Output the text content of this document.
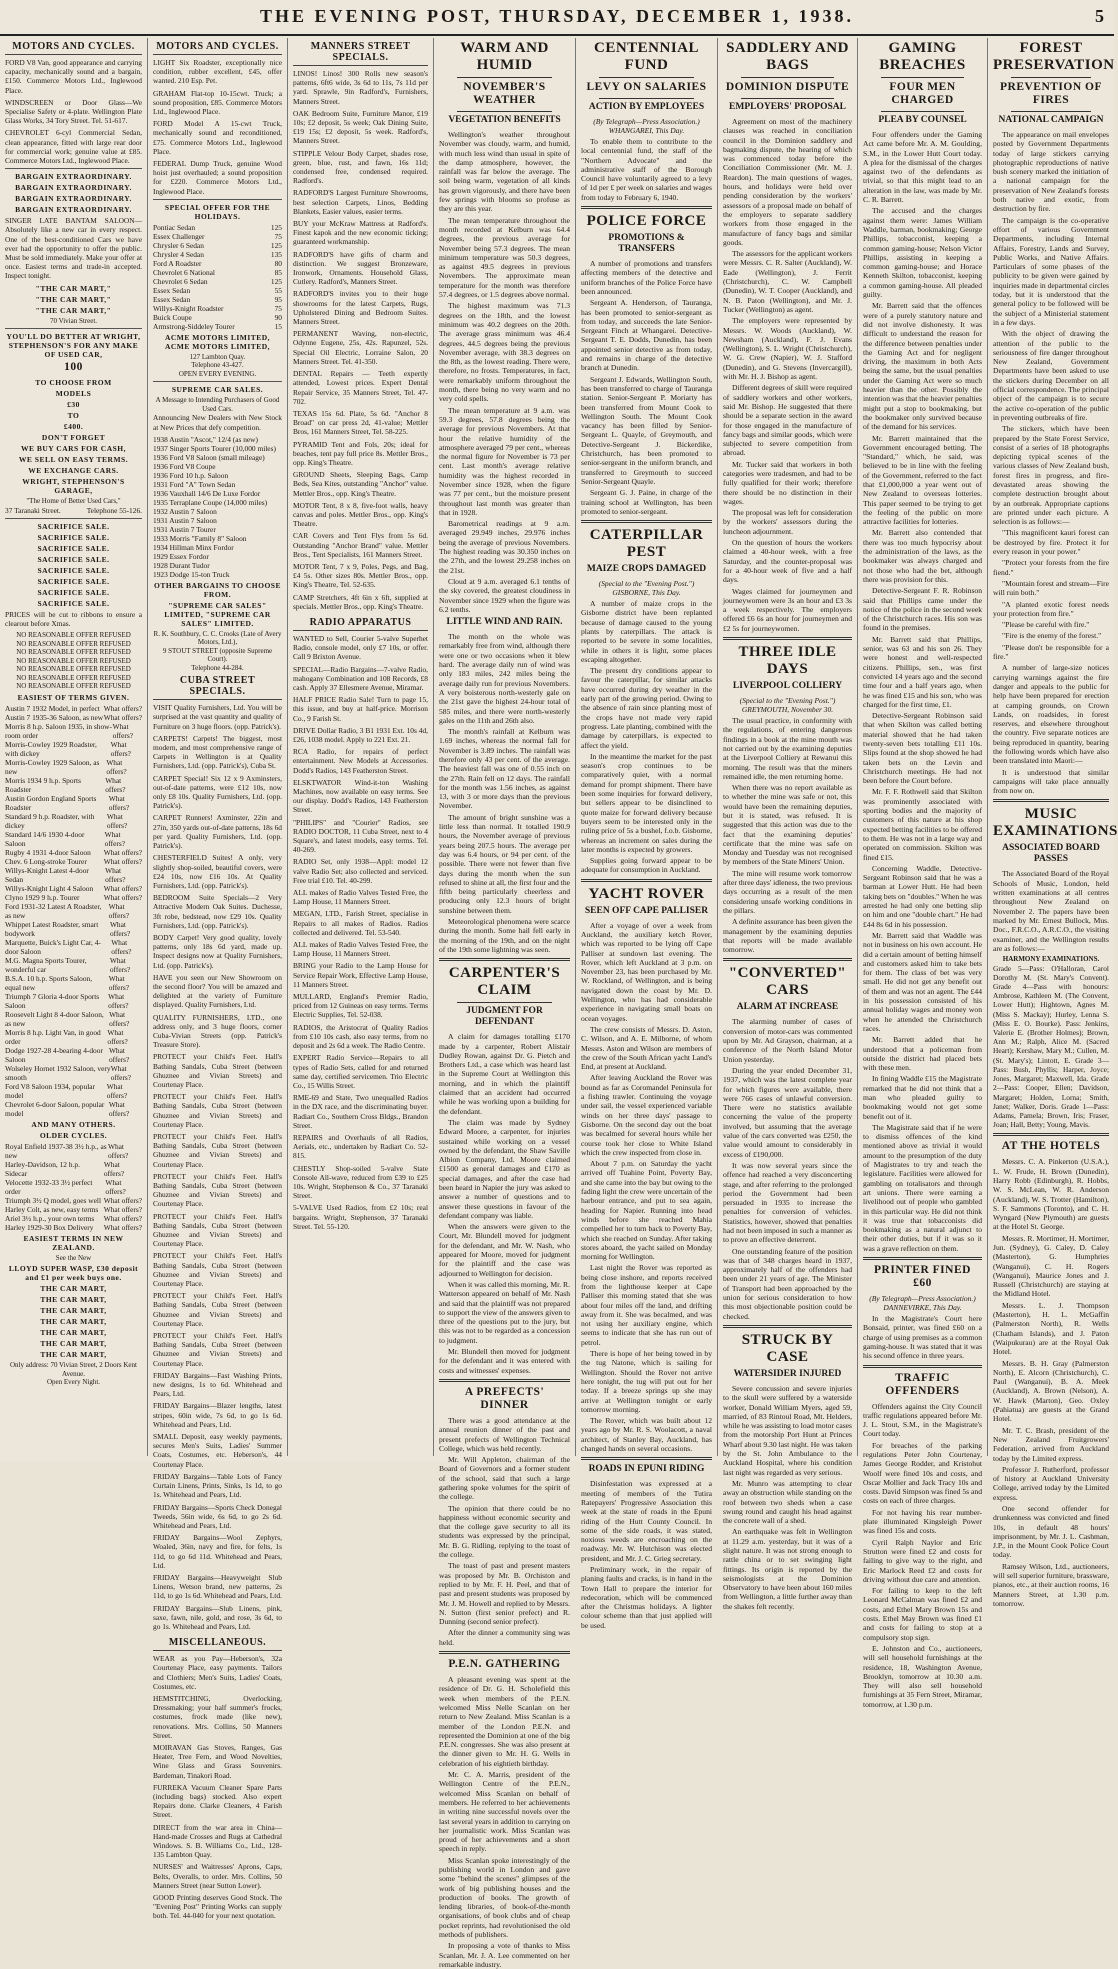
THE EVENING POST, THURSDAY, DECEMBER 1, 1938.	5
MOTORS AND CYCLES.

FORD V8 Van, good appearance and carrying capacity, mechanically sound and a bargain, £150. Commerce Motors Ltd., Inglewood Place.

WINDSCREEN or Door Glass—We Specialise Safety or 4-plate. Wellington Plate Glass Works, 34 Tory Street. Tel. 51-617.

CHEVROLET 6-cyl Commercial Sedan, clean appearance, fitted with large rear door for commercial work; genuine value at £85. Commerce Motors Ltd., Inglewood Place.

BARGAIN EXTRAORDINARY.
BARGAIN EXTRAORDINARY.
BARGAIN EXTRAORDINARY.
BARGAIN EXTRAORDINARY.

SINGER LATE BANTAM SALOON—Absolutely like a new car in every respect. One of the best-conditioned Cars we have ever had the opportunity to offer the public. Must be sold immediately. Make your offer at once. Easiest terms and trade-in accepted. Inspect tonight.

"THE CAR MART,"
"THE CAR MART,"
"THE CAR MART,"
70 Vivian Street.
YOU'LL DO BETTER AT WRIGHT, STEPHENSON'S FOR ANY MAKE OF USED CAR,
100
TO CHOOSE FROM
MODELS
£30
TO
£400.
DON'T FORGET
WE BUY CARS FOR CASH,
WE SELL ON EASY TERMS.
WE EXCHANGE CARS.
WRIGHT, STEPHENSON'S GARAGE,
"The Home of Better Used Cars,"
37 Taranaki Street.	Telephone 55-126.
SACRIFICE SALE.
SACRIFICE SALE.
SACRIFICE SALE.
SACRIFICE SALE.
SACRIFICE SALE.
SACRIFICE SALE.
SACRIFICE SALE.
SACRIFICE SALE.

PRICES will be cut to ribbons to ensure a clearout before Xmas.

NO REASONABLE OFFER REFUSED
NO REASONABLE OFFER REFUSED
NO REASONABLE OFFER REFUSED
NO REASONABLE OFFER REFUSED
NO REASONABLE OFFER REFUSED
NO REASONABLE OFFER REFUSED
NO REASONABLE OFFER REFUSED
EASIEST OF TERMS GIVEN.
Austin 7 1932 Model, in perfect What offers?
Austin 7 1935-36 Saloon, as new What offers?
Morris 8 h.p. Saloon 1935, in show-room order
What offers?
Morris-Cowley 1929 Roadster, with dickey
What offers?
Morris-Cowley 1929 Saloon, as new
What offers?
Morris 1934 9 h.p. Sports Roadster
What offers?
Austin Gordon England Sports Roadster
What offers?
Standard 9 h.p. Roadster, with dickey
What offers?
Standard 14/6 1930 4-door Saloon
What offers?
Rugby 4 1931 4-door Saloon What offers?
Chev. 6 Long-stroke Tourer What offers?
Willys-Knight Latest 4-door Sedan
What offers?
Willys-Knight Light 4 Saloon What offers?
Clyno 1929 9 h.p. Tourer	What offers?
Ford 1931-32 Latest A Roadster, as new
What offers?
Whippet Latest Roadster, smart bodywork
What offers?
Marquette, Buick's Light Car, 4-door Saloon
What offers?
M.G. Magna Sports Tourer, wonderful car
What offers?
B.S.A. 10 h.p. Sports Saloon, equal new
What offers?
Triumph 7 Gloria 4-door Sports Saloon
What offers?
Roosevelt Light 8 4-door Saloon, as new
What offers?
Morris 8 h.p. Light Van, in good order
What offers?
Dodge 1927-28 4-bearing 4-door Saloon
What offers?
Wolseley Hornet 1932 Saloon, very smooth
What offers?
Ford V8 Saloon 1934, popular model
What offers?
Chevrolet 6-door Saloon, popular model
What offers?
AND MANY OTHERS.
OLDER CYCLES.
Royal Enfield 1937-38 3½ h.p., as new
What offers?
Harley-Davidson, 12 h.p. Sidecar
What offers?
Velocette 1932-33 3½ perfect order
What offers?
Triumph 3½ Q model, goes well What offers?
Harley Colt, as new, easy terms What offers?
Ariel 3½ h.p., your own terms What offers?
Harley 1929-30 Box Delivery What offers?
EASIEST TERMS IN NEW ZEALAND.
See the New
LLOYD SUPER WASP, £30 deposit and £1 per week buys one.
THE CAR MART,
THE CAR MART,
THE CAR MART,
THE CAR MART,
THE CAR MART,
THE CAR MART,
THE CAR MART,
Only address: 70 Vivian Street, 2 Doors Kent Avenue.
Open Every Night.
MOTORS AND CYCLES.

LIGHT Six Roadster, exceptionally nice condition, rubber excellent, £45, offer wanted. 210 Esp. Pet.

GRAHAM Flat-top 10-15cwt. Truck; a sound proposition, £85. Commerce Motors Ltd., Inglewood Place.

FORD Model A 15-cwt Truck, mechanically sound and reconditioned, £75. Commerce Motors Ltd., Inglewood Place.

FEDERAL Dump Truck, genuine Wood hoist just overhauled; a sound proposition for £220. Commerce Motors Ltd., Inglewood Place.

SPECIAL OFFER FOR THE HOLIDAYS.
Pontiac Sedan	125
Essex Challenger	75
Chrysler 6 Sedan	125
Chrysler 4 Sedan	135
Ford A Roadster	80
Chevrolet 6 National	85
Chevrolet 6 Sedan	125
Essex Sedan	55
Essex Sedan	95
Willys-Knight Roadster	75
Buick Coupe	90
Armstrong-Siddeley Tourer	15
ACME MOTORS LIMITED, ACME MOTORS LIMITED,
127 Lambton Quay.
Telephone 43-427.
OPEN EVERY EVENING.
SUPREME CAR SALES.
A Message to Intending Purchasers of Good Used Cars.

Announcing New Dealers with New Stock at New Prices that defy competition.

1938 Austin "Ascot," 12/4 (as new)
1937 Singer Sports Tourer (10,000 miles)
1936 Ford V8 Saloon (small mileage)
1936 Ford V8 Coupe
1936 Ford 10 h.p. Saloon
1931 Ford "A" Town Sedan
1936 Vauxhall 14/6 De Luxe Fordor
1935 Terraplane Coupe (14,000 miles)
1932 Austin 7 Saloon
1931 Austin 7 Saloon
1931 Austin 7 Tourer
1933 Morris "Family 8" Saloon
1934 Hillman Minx Fordor
1929 Essex Fordor
1928 Durant Tudor
1923 Dodge 15-ton Truck
OTHER BARGAINS TO CHOOSE FROM.
"SUPREME CAR SALES" LIMITED, "SUPREME CAR SALES" LIMITED.
R. K. Southbury, C. C. Crooks (Late of Avery Motors, Ltd.),
9 STOUT STREET (opposite Supreme Court).
Telephone 44-284.
CUBA STREET SPECIALS.

VISIT Quality Furnishers, Ltd. You will be surprised at the vast quantity and quality of Furniture on 3 huge floors. (opp. Patrick's).

CARPETS! Carpets! The biggest, most modern, and most comprehensive range of Carpets in Wellington is at Quality Furnishers, Ltd. (opp. Patrick's), Cuba St.

CARPET Special! Six 12 x 9 Axminsters, out-of-date patterns, were £12 10s, now only £8 10s. Quality Furnishers, Ltd. (opp. Patrick's).

CARPET Runners! Axminster, 22in and 27in, 350 yards out-of-date patterns, 18s 6d per yard. Quality Furnishers, Ltd. (opp. Patrick's).

CHESTERFIELD Suites! A only, very slightly shop-soiled, beautiful covers, were £24 10s, now £16 10s. At Quality Furnishers, Ltd. (opp. Patrick's).

BEDROOM Suite Specials—2 Very Attractive Modern Oak Suites. Duchesse, 3ft robe, bedstead, now £29 10s. Quality Furnishers, Ltd. (opp. Patrick's).

BODY Carpet! Very good quality, lovely patterns, only 18s 6d yard, made up. Inspect designs now at Quality Furnishers, Ltd. (opp. Patrick's).

HAVE you seen our New Showroom on the second floor? You will be amazed and delighted at the variety of Furniture displayed. Quality Furnishers, Ltd.

QUALITY FURNISHERS, LTD., one address only, and 3 huge floors, corner Cuba-Vivian Streets (opp. Patrick's Treasure Store).

PROTECT your Child's Feet. Hall's Bathing Sandals, Cuba Street (between Ghuznee and Vivian Streets) and Courtenay Place.

PROTECT your Child's Feet. Hall's Bathing Sandals, Cuba Street (between Ghuznee and Vivian Streets) and Courtenay Place.

PROTECT your Child's Feet. Hall's Bathing Sandals, Cuba Street (between Ghuznee and Vivian Streets) and Courtenay Place.

PROTECT your Child's Feet. Hall's Bathing Sandals, Cuba Street (between Ghuznee and Vivian Streets) and Courtenay Place.

PROTECT your Child's Feet. Hall's Bathing Sandals, Cuba Street (between Ghuznee and Vivian Streets) and Courtenay Place.

PROTECT your Child's Feet. Hall's Bathing Sandals, Cuba Street (between Ghuznee and Vivian Streets) and Courtenay Place.

PROTECT your Child's Feet. Hall's Bathing Sandals, Cuba Street (between Ghuznee and Vivian Streets) and Courtenay Place.

PROTECT your Child's Feet. Hall's Bathing Sandals, Cuba Street (between Ghuznee and Vivian Streets) and Courtenay Place.

FRIDAY Bargains—Fast Washing Prints, new designs, 1s to 6d. Whitehead and Pears, Ltd.

FRIDAY Bargains—Blazer lengths, latest stripes, 60in wide, 7s 6d, to go 1s 6d. Whitehead and Pears, Ltd.

SMALL Deposit, easy weekly payments, secures Men's Suits, Ladies' Summer Coats, Costumes, etc. Heberson's, 44 Courtenay Place.

FRIDAY Bargains—Table Lots of Fancy Curtain Linens, Prints, Sinks, 1s 1d, to go 1s. Whitehead and Pears, Ltd.

FRIDAY Bargains—Sports Check Donegal Tweeds, 56in wide, 6s 6d, to go 2s 6d. Whitehead and Pears, Ltd.

FRIDAY Bargains—Wool Zephyrs, Woaled, 36in, navy and fire, for felts, 1s 11d, to go 6d 11d. Whitehead and Pears, Ltd.

FRIDAY Bargains—Heavyweight Slub Linens, Wetson brand, new patterns, 2s 11d, to go 1s 6d. Whitehead and Pears, Ltd.

FRIDAY Bargains—Slub Linens, pink, saxe, fawn, nile, gold, and rose, 3s 6d, to go 1s. Whitehead and Pears, Ltd.

MISCELLANEOUS.

WEAR as you Pay—Heberson's, 32a Courtenay Place, easy payments. Tailors and Clothiers; Men's Suits, Ladies' Coats, Costumes, etc.

HEMSTITCHING, Overlocking, Dressmaking; your half summer's frocks, costumes, frock made (like new), renovations. Mrs. Collins, 50 Manners Street.

MOIRAVAN Gas Stoves, Ranges, Gas Heater, Tree Fern, and Wood Novelties, Wine Glass and Grass Souvenirs. Bardeman, Tinakori Road.

FURREKA Vacuum Cleaner Spare Parts (including bags) stocked. Also expert Repairs done. Clarke Cleaners, 4 Farish Street.

DIRECT from the war area in China—Hand-made Crosses and Rugs at Cathedral Windows. S. B. Williams Co., Ltd., 128-135 Lambton Quay.

NURSES' and Waitresses' Aprons, Caps, Belts, Overalls, to order. Mrs. Collins, 50 Manners Street (near Sutton Lower).

GOOD Printing deserves Good Stock. The "Evening Post" Printing Works can supply both. Tel. 44-040 for your next quotation.

MANNERS STREET SPECIALS.

LINOS! Linos! 300 Rolls new season's patterns, 6ft6 wide, 3s 6d to 11s, 7s 11d per yard. Sprawle, 9in Radford's, Furnishers, Manners Street.

OAK Bedroom Suite, Furniture Manor, £19 10s; £2 deposit, 5s week; Oak Dining Suite, £19 15s; £2 deposit, 5s week. Radford's, Manners Street.

STIPPLE Velour Body Carpet, shades rose, green, blue, rust, and fawn, 16s 11d; condensed free, condensed required. Radford's.

RADFORD'S Largest Furniture Showrooms, best selection Carpets, Linos, Bedding Blankets, Easier values, easier terms.

BUY your McKraw Mattress at Radford's. Finest kapok and the new economic ticking; guaranteed workmanship.

RADFORD'S have gifts of charm and distinction. We suggest Bronzeware, Ironwork, Ornaments. Household Glass, Cutlery. Radford's, Manners Street.

RADFORD'S invites you to their huge showrooms for the latest Carpets, Rugs, Upholstered Dining and Bedroom Suites. Manners Street.

PERMANENT Waving, non-electric, Odynne Eugene, 25s, 42s. Rapunzel, 52s. Special Oil Electric, Lorraine Salon, 20 Manners Street. Tel. 41-350.

DENTAL Repairs — Teeth expertly attended, Lowest prices. Expert Dental Repair Service, 35 Manners Street, Tel. 47-702.

TEXAS 15s 6d. Plate, 5s 6d. "Anchor 8 Broad" on car press 2d, 41-value; Mettler Bros, 161 Manners Street, Tel. 58-225.

PYRAMID Tent and Fols, 20s; ideal for beaches, tent pay full price 8s. Mettler Bros., opp. King's Theatre.

GROUND Sheets, Sleeping Bags, Camp Beds, Sea Kites, outstanding "Anchor" value. Mettler Bros., opp. King's Theatre.

MOTOR Tent, 8 x 8, five-foot walls, heavy canvas and poles. Mettler Bros., opp. King's Theatre.

CAR Covers and Tent Flys from 5s 6d. Outstanding "Anchor Brand" value. Mettler Bros., Tent Specialists, 161 Manners Street.

MOTOR Tent, 7 x 9, Poles, Pegs, and Bag, £4 5s. Other sizes 80s. Mettler Bros., opp. King's Theatre, Tel. 52-635.

CAMP Stretchers, 4ft 6in x 6ft, supplied at specials. Mettler Bros., opp. King's Theatre.

RADIO APPARATUS

WANTED to Sell, Courier 5-valve Superhet Radio, console model, only £7 10s, or offer. Call 9 Brixton Avenue.

SPECIAL—Radio Bargains—7-valve Radio, mahogany Combination and 108 Records, £8 cash. Apply 37 Ellesmere Avenue, Miramar.

HALF PRICE Radio Sale! Turn to page 15, this issue, and buy at half-price. Morrison Co., 9 Farish St.

DRIVE Dollar Radio, 3 B1 1931 Ext. 10s 4d, £26, 1038 model. Apply to 221 Ext. 21.

RCA Radio, for repairs of perfect entertainment. New Models at Accessories. Dodd's Radios, 143 Featherston Street.

ELSKTWATOR Wind-it-ton Washing Machines, now available on easy terms. See our display. Dodd's Radios, 143 Featherston Street.

"PHILIPS" and "Courier" Radios, see RADIO DOCTOR, 11 Cuba Street, next to 4 Square's, and latest models, easy terms. Tel. 40-269.

RADIO Set, only 1938—Appl: model 12 valve Radio Set; also collected and serviced. Free trial £10. Tel. 40-299.

ALL makes of Radio Valves Tested Free, the Lamp House, 11 Manners Street.

MEGAN, LTD., Farish Street, specialise in Repairs to all makes of Radios. Radios collected and delivered. Tel. 53-540.

ALL makes of Radio Valves Tested Free, the Lamp House, 11 Manners Street.

BRING your Radio to the Lamp House for Service Repair Work, Effective Lamp House, 11 Manners Street.

MULLARD, England's Premier Radio, priced from 12 Guineas on easy terms. Terms Electric Supplies, Tel. 52-038.

RADIOS, the Aristocrat of Quality Radios from £10 10s cash, also easy terms, from no deposit and 2s 6d a week. The Radio Centre.

EXPERT Radio Service—Repairs to all types of Radio Sets, called for and returned same day, certified servicemen. Trio Electric Co., 15 Willis Street.

RME-69 and State, Two unequalled Radios in the DX race, and the discriminating buyer. Radiart Co., Southern Cross Bldgs., Brandon Street.

REPAIRS and Overhauls of all Radios, Aerials, etc., undertaken by Radiart Co. 52-815.

CHESTLY Shop-soiled 5-valve State Console All-wave, reduced from £39 to £25 10s. Wright, Stephenson & Co., 37 Taranaki Street.

5-VALVE Used Radios, from £2 10s; real bargains. Wright, Stephenson, 37 Taranaki Street. Tel. 55-120.

WARM AND HUMID
NOVEMBER'S WEATHER
VEGETATION BENEFITS

Wellington's weather throughout November was cloudy, warm, and humid, with much less wind than usual in spite of the damp atmosphere, however, the rainfall was far below the average. The soil being warm, vegetation of all kinds has grown vigorously, and there have been few springs with blooms so profuse as they are this year.

The mean temperature throughout the month recorded at Kelburn was 64.4 degrees, the previous average for November being 57.3 degrees. The mean minimum temperature was 50.3 degrees, as against 49.5 degrees in previous Novembers. The approximate mean temperature for the month was therefore 57.4 degrees, or 1.5 degrees above normal.

The highest maximum was 71.3 degrees on the 18th, and the lowest minimum was 40.2 degrees on the 20th. The average grass minimum was 46.4 degrees, 44.5 degrees being the previous November average, with 38.3 degrees on the 8th, as the lowest reading. There were, therefore, no frosts. Temperatures, in fact, were remarkably uniform throughout the month, there being no very warm and no very cold spells.

The mean temperature at 9 a.m. was 59.3 degrees, 57.8 degrees being the average for previous Novembers. At that hour the relative humidity of the atmosphere averaged 79 per cent., whereas the normal figure for November is 73 per cent. Last month's average relative humidity was the highest recorded in November since 1928, when the figure was 77 per cent., but the moisture present throughout last month was greater than that in 1928.

Barometrical readings at 9 a.m. averaged 29.949 inches, 29.976 inches being the average of previous Novembers. The highest reading was 30.350 inches on the 27th, and the lowest 29.258 inches on the 21st.

Cloud at 9 a.m. averaged 6.1 tenths of the sky covered, the greatest cloudiness in November since 1929 when the figure was 6.2 tenths.

LITTLE WIND AND RAIN.

The month on the whole was remarkably free from wind, although there were one or two occasions when it blew hard. The average daily run of wind was only 183 miles, 242 miles being the average daily run for previous Novembers. A very boisterous north-westerly gale on the 21st gave the highest 24-hour total of 585 miles, and there were north-westerly gales on the 11th and 26th also.

The month's rainfall at Kelburn was 1.69 inches, whereas the normal fall for November is 3.89 inches. The rainfall was therefore only 43 per cent. of the average. The heaviest fall was one of 0.55 inch on the 27th. Rain fell on 12 days. The rainfall for the month was 1.56 inches, as against 13, with 3 or more days than the previous November.

The amount of bright sunshine was a little less than normal. It totalled 190.9 hours, the November average of previous years being 207.5 hours. The average per day was 6.4 hours, or 94 per cent. of the possible. There were not fewer than five days during the month when the sun refused to shine at all, the first four and the fifth being particularly cheerless and producing only 12.3 hours of bright sunshine between them.

Meteorological phenomena were scarce during the month. Some hail fell early in the morning of the 19th, and on the night of the 19th some lightning was seen.

CARPENTER'S CLAIM
JUDGMENT FOR DEFENDANT

A claim for damages totalling £170 made by a carpenter, Robert Alistair Dudley Rowan, against Dr. G. Pietch and Brothers Ltd., a case which was heard last in the Supreme Court at Wellington this morning, and in which the plaintiff claimed that an accident had occurred while he was working upon a building for the defendant.

The claim was made by Sydney Edward Moore, a carpenter, for injuries sustained while working on a vessel owned by the defendant, the Shaw Saville Albion Company, Ltd. Moore claimed £1500 as general damages and £170 as special damages, and after the case had been heard in Napier the jury was asked to answer a number of questions and to answer these questions in favour of the defendant company was liable.

When the answers were given to the Court, Mr. Blundell moved for judgment for the defendant, and Mr. W. Nash, who appeared for Moore, moved for judgment for the plaintiff and the case was adjourned to Wellington for decision.

When it was called this morning, Mr. R. Watterson appeared on behalf of Mr. Nash and said that the plaintiff was not prepared to support the view of the answers given to three of the questions put to the jury, but this was not to be regarded as a concession to judgment.

Mr. Blundell then moved for judgment for the defendant and it was entered with costs and witnesses' expenses.

A PREFECTS' DINNER

There was a good attendance at the annual reunion dinner of the past and present prefects of Wellington Technical College, which was held recently.

Mr. Will Appleton, chairman of the Board of Governors and a former student of the school, said that such a large gathering spoke volumes for the spirit of the college.

The opinion that there could be no happiness without economic security and that the college gave security to all its students was expressed by the principal, Mr. B. G. Ridling, replying to the toast of the college.

The toast of past and present masters was proposed by Mr. B. Orchiston and replied to by Mr. F. H. Peel, and that of past and present students was proposed by Mr. J. M. Howell and replied to by Messrs. N. Sutton (first senior prefect) and R. Dunning (second senior prefect).

After the dinner a community sing was held.

P.E.N. GATHERING

A pleasant evening was spent at the residence of Dr. G. H. Scholefield this week when members of the P.E.N. welcomed Miss Nelle Scanlan on her return to New Zealand. Miss Scanlan is a member of the London P.E.N. and represented the Dominion at one of the big P.E.N. congresses. She was also present at the dinner given to Mr. H. G. Wells in celebration of his eightieth birthday.

Mr. C. A. Marris, president of the Wellington Centre of the P.E.N., welcomed Miss Scanlan on behalf of members. He referred to her achievements in writing nine successful novels over the last several years in addition to carrying on her journalistic work. Miss Scanlan was proud of her achievements and a short speech in reply.

Miss Scanlan spoke interestingly of the publishing world in London and gave some "behind the scenes" glimpses of the work of big publishing houses and the production of books. The growth of lending libraries, of book-of-the-month organisations, of book clubs and of cheap pocket reprints, had revolutionised the old methods of publishers.

In proposing a vote of thanks to Miss Scanlan, Mr. J. A. Lee commented on her remarkable industry.

CENTENNIAL FUND
LEVY ON SALARIES
ACTION BY EMPLOYEES
(By Telegraph—Press Association.) WHANGAREI, This Day.

To enable them to contribute to the local centennial fund, the staff of the "Northern Advocate" and the administrative staff of the Borough Council have voluntarily agreed to a levy of 1d per £ per week on salaries and wages from today to February 6, 1940.

POLICE FORCE
PROMOTIONS & TRANSFERS

A number of promotions and transfers affecting members of the detective and uniform branches of the Police Force have been announced.

Sergeant A. Henderson, of Tauranga, has been promoted to senior-sergeant as from today, and succeeds the late Senior-Sergeant Finch at Whangarei. Detective-Sergeant T. E. Dodds, Dunedin, has been appointed senior detective as from today, and remains in charge of the detective branch at Dunedin.

Sergeant J. Edwards, Wellington South, has been transferred to charge of Tauranga station. Senior-Sergeant P. Moriarty has been transferred from Mount Cook to Wellington South. The Mount Cook vacancy has been filled by Senior-Sergeant L. Quayle, of Greymouth, and Detective-Sergeant J. Bickerdike, Christchurch, has been promoted to senior-sergeant in the uniform branch, and transferred to Greymouth to succeed Senior-Sergeant Quayle.

Sergeant G. J. Paine, in charge of the training school at Wellington, has been promoted to senior-sergeant.

CATERPILLAR PEST
MAIZE CROPS DAMAGED
(Special to the "Evening Post.") GISBORNE, This Day.

A number of maize crops in the Gisborne district have been replanted because of damage caused to the young plants by caterpillars. The attack is reported to be severe in some localities, while in others it is light, some places escaping altogether.

The present dry conditions appear to favour the caterpillar, for similar attacks have occurred during dry weather in the early part of the growing period. Owing to the absence of rain since planting most of the crops have not made very rapid progress. Late planting, combined with the damage by caterpillars, is expected to affect the yield.

In the meantime the market for the past season's crop continues to be comparatively quiet, with a normal demand for prompt shipment. There have been some inquiries for forward delivery, but sellers appear to be disinclined to quote maize for forward delivery because buyers seem to be interested only in the ruling price of 5s a bushel, f.o.b. Gisborne, whereas an increment on sales during the later months is expected by growers.

Supplies going forward appear to be adequate for consumption in Auckland.

YACHT ROVER
SEEN OFF CAPE PALLISER

After a voyage of over a week from Auckland, the auxiliary ketch Rover, which was reported to be lying off Cape Palliser at sundown last evening. The Rover, which left Auckland at 3 p.m. on November 23, has been purchased by Mr. W. Rockland, of Wellington, and is being navigated down the coast by Mr. D. Wellington, who has had considerable experience in navigating small boats on ocean voyages.

The crew consists of Messrs. D. Aston, C. Wilson, and A. E. Milborne, of whom Messrs. Aston and Wilson are members of the crew of the South African yacht Land's End, at present at Auckland.

After leaving Auckland the Rover was bound as far as Coromandel Peninsula for a fishing trawler. Continuing the voyage under sail, the vessel experienced variable winds on her three days' passage to Gisborne. On the second day out the boat was becalmed for several hours while her course took her close to White Island which the crew inspected from close in.

About 7 p.m. on Saturday the yacht arrived off Tuahine Point, Poverty Bay, and she came into the bay but owing to the fading light the crew were uncertain of the harbour entrance, and put to sea again, heading for Napier. Running into head winds before she reached Mahia compelled her to turn back to Poverty Bay, which she reached on Sunday. After taking stores aboard, the yacht sailed on Monday morning for Wellington.

Last night the Rover was reported as being close inshore, and reports received from the lighthouse keeper at Cape Palliser this morning stated that she was about four miles off the land, and drifting away from it. She was becalmed, and was not using her auxiliary engine, which seems to indicate that she has run out of petrol.

There is hope of her being towed in by the tug Natone, which is sailing for Wellington. Should the Rover not arrive here tonight, the tug will put out for her today. If a breeze springs up she may arrive at Wellington tonight or early tomorrow morning.

The Rover, which was built about 12 years ago by Mr. R. S. Woolacott, a naval architect, of Stanley Bay, Auckland, has changed hands on several occasions.

ROADS IN EPUNI RIDING

Disinfestation was expressed at a meeting of members of the Tutira Ratepayers' Progressive Association this week at the state of roads in the Epuni riding of the Hutt County Council. In some of the side roads, it was stated, noxious weeds are encroaching on the roadway. Mr. W. Hutchison was elected president, and Mr. J. C. Grieg secretary.

Preliminary work, in the repair of planing faults and cracks, is in hand in the Town Hall to prepare the interior for redecoration, which will be commenced after the Christmas holidays. A lighter colour scheme than that just applied will be used.

SADDLERY AND BAGS
DOMINION DISPUTE
EMPLOYERS' PROPOSAL

Agreement on most of the machinery clauses was reached in conciliation council in the Dominion saddlery and bagmaking dispute, the hearing of which was commenced today before the Conciliation Commissioner (Mr. M. J. Reardon). The main questions of wages, hours, and holidays were held over pending consideration by the workers' assessors of a proposal made on behalf of the employers to separate saddlery workers from those engaged in the manufacture of fancy bags and similar goods.

The assessors for the applicant workers were Messrs. C. R. Salter (Auckland), W. Eade (Wellington), J. Ferrit (Christchurch), C. W. Campbell (Dunedin), W. T. Cooper (Auckland), and N. B. Paton (Wellington), and Mr. J. Tucker (Wellington) as agent.

The employers were represented by Messrs. W. Woods (Auckland), W. Newsham (Auckland), F. J. Evans (Wellington), S. L. Wright (Christchurch), W. G. Crew (Napier), W. J. Stafford (Dunedin), and G. Stevens (Invercargill), with Mr. H. J. Bishop as agent.

Different degrees of skill were required of saddlery workers and other workers, said Mr. Bishop. He suggested that there should be a separate section in the award for those engaged in the manufacture of fancy bags and similar goods, which were subjected to severe competition from abroad.

Mr. Tucker said that workers in both categories were tradesmen, and had to be fully qualified for their work; therefore there should be no distinction in their wages.

The proposal was left for consideration by the workers' assessors during the luncheon adjournment.

On the question of hours the workers claimed a 40-hour week, with a free Saturday, and the counter-proposal was for a 40-hour week of five and a half days.

Wages claimed for journeymen and journeywomen were 3s an hour and £3 3s a week respectively. The employers offered £6 6s an hour for journeymen and £2 5s for journeywomen.

THREE IDLE DAYS
LIVERPOOL COLLIERY
(Special to the "Evening Post.") GREYMOUTH, November 30.

The usual practice, in conformity with the regulations, of entering dangerous findings in a book at the mine mouth was not carried out by the examining deputies at the Liverpool Colliery at Rewanui this morning. The result was that the miners remained idle, the men returning home.

When there was no report available as to whether the mine was safe or not, this would have been the remaining deputies, but it is stated, was refused. It is suggested that this action was due to the fact that the examining deputies' certificate that the mine was safe on Monday and Tuesday was not recognised by members of the State Miners' Union.

The mine will resume work tomorrow after three days' idleness, the two previous days occurring as a result of the men considering unsafe working conditions in the pillars.

A definite assurance has been given the management by the examining deputies that reports will be made available tomorrow.

"CONVERTED" CARS
ALARM AT INCREASE

The alarming number of cases of conversion of motor-cars was commented upon by Mr. Ad Grayson, chairman, at a conference of the North Island Motor Union yesterday.

During the year ended December 31, 1937, which was the latest complete year for which figures were available, there were 766 cases of unlawful conversion. There were no statistics available concerning the value of the property involved, but assuming that the average value of the cars converted was £250, the value would amount to considerably in excess of £190,000.

It was now several years since the offence had reached a very disconcerting stage, and after referring to the prolonged period the Government had been persuaded in 1935 to increase the penalties for conversion of vehicles. Statistics, however, showed that penalties had not been imposed in such a manner as to prove an effective deterrent.

One outstanding feature of the position was that of 348 charges heard in 1937, approximately half of the offenders had been under 21 years of age. The Minister of Transport had been approached by the union for serious consideration to how this most objectionable position could be checked.

STRUCK BY CASE
WATERSIDER INJURED

Severe concussion and severe injuries to the skull were suffered by a waterside worker, Donald William Myers, aged 59, married, of 83 Rintoul Road, Mt. Helders, while he was assisting to load motor cases from the motorship Port Hunt at Princes Wharf about 9.30 last night. He was taken by the St. John Ambulance to the Auckland Hospital, where his condition last night was regarded as very serious.

Mr. Munro was attempting to clear away an obstruction while standing on the roof between two sheds when a case swung round and caught his head against the concrete wall of a shed.

An earthquake was felt in Wellington at 11.29 a.m. yesterday, but it was of a slight nature. It was not strong enough to rattle china or to set swinging light fittings. Its origin is reported by the seismologists at the Dominion Observatory to have been about 160 miles from Wellington, a little further away than the shakes felt recently.

GAMING BREACHES
FOUR MEN CHARGED
PLEA BY COUNSEL

Four offenders under the Gaming Act came before Mr. A. M. Goulding, S.M., in the Lower Hutt Court today. A plea for the dismissal of the charges against two of the defendants as trivial, so that this might lead to an alteration in the law, was made by Mr. C. R. Barrett.

The accused and the charges against them were: James William Waddle, barman, bookmaking; George Phillips, tobacconist, keeping a common gaming-house; Nelson Victor Phillips, assisting in keeping a common gaming-house; and Horace Kenneth Skilton, tobacconist, keeping a common gaming-house. All pleaded guilty.

Mr. Barrett said that the offences were of a purely statutory nature and did not involve dishonesty. It was difficult to understand the reason for the difference between penalties under the Gaming Act and for negligent driving, the maximum in both Acts being the same, but the usual penalties under the Gaming Act were so much heavier than the other. Possibly the intention was that the heavier penalties might put a stop to bookmaking, but the bookmaker only survived because of the demand for his services.

Mr. Barrett maintained that the Government encouraged betting. The "Standard," which, he said, was believed to be in line with the feeling of the Government, referred to the fact that £1,000,000 a year went out of New Zealand to overseas lotteries. This paper seemed to be trying to get the feeling of the public on more attractive facilities for lotteries.

Mr. Barrett also contended that there was too much hypocrisy about the administration of the laws, as the bookmaker was always charged and not those who had the bet, although there was provision for this.

Detective-Sergeant F. R. Robinson said that Phillips came under the notice of the police in the second week of the Christchurch races. His son was found in the premises.

Mr. Barrett said that Phillips, senior, was 63 and his son 26. They were honest and well-respected citizens. Phillips, sen., was first convicted 14 years ago and the second time four and a half years ago, when he was fined £15 and his son, who was charged for the first time, £1.

Detective-Sergeant Robinson said that when Skilton was called betting material showed that he had taken twenty-seven bets totalling £11 10s. Slips found at the shop showed he had taken bets on the Levin and Christchurch meetings. He had not been before the Court before.

Mr. F. F. Rothwell said that Skilton was prominently associated with sporting bodies and the majority of customers of this nature at his shop expected betting facilities to be offered to them. He was not in a large way and operated on commission. Skilton was fined £15.

Concerning Waddle, Detective-Sergeant Robinson said that he was a barman at Lower Hutt. He had been taking bets on "doubles." When he was arrested he had only one betting slip on him and one "double chart." He had £44 8s 6d in his possession.

Mr. Barrett said that Waddle was not in business on his own account. He did a certain amount of betting himself and customers asked him to take bets for them. The class of bet was very small. He did not get any benefit out of them and was not an agent. The £44 in his possession consisted of his annual holiday wages and money won when he attended the Christchurch races.

Mr. Barrett added that he understood that a policeman from outside the district had placed bets with these men.

In fining Waddle £15 the Magistrate remarked that he did not think that a man who pleaded guilty to bookmaking would not get some benefit out of it.

The Magistrate said that if he were to dismiss offences of the kind mentioned above as trivial it would amount to the presumption of the duty of Magistrates to try and teach the legislature. Facilities were allowed for gambling on totalisators and through art unions. There were earning a livelihood out of people who gambled in this particular way. He did not think it was true that tobacconists did bookmaking as a natural adjunct to their other duties, but if it was so it was a grave reflection on them.

PRINTER FINED £60
(By Telegraph—Press Association.) DANNEVIRKE, This Day.

In the Magistrate's Court here Bonsaid, printer, was fined £60 on a charge of using premises as a common gaming-house. It was stated that it was his second offence in three years.

TRAFFIC OFFENDERS

Offenders against the City Council traffic regulations appeared before Mr. J. L. Stout, S.M., in the Magistrate's Court today.

For breaches of the parking regulations Peter John Courtenay, James George Rodder, and Kristohut Woolf were fined 10s and costs, and Oscar Mollier and Jack Tracy 10s and costs. David Simpson was fined 5s and costs on each of three charges.

For not having his rear number-plate illuminated Kingsleigh Power was fined 15s and costs.

Cyril Ralph Naylor and Eric Strutton were fined £2 and costs for failing to give way to the right, and Eric Marlock Reed £2 and costs for driving without due care and attention.

For failing to keep to the left Leonard McCalman was fined £2 and costs, and Ethel Mary Brown 15s and costs. Ethel May Brown was fined £1 and costs for failing to stop at a compulsory stop sign.

E. Johnston and Co., auctioneers, will sell household furnishings at the residence, 18, Washington Avenue, Brooklyn, tomorrow at 10.30 a.m. They will also sell household furnishings at 35 Fern Street, Miramar, tomorrow, at 1.30 p.m.

FOREST PRESERVATION
PREVENTION OF FIRES
NATIONAL CAMPAIGN

The appearance on mail envelopes posted by Government Departments today of large stickers carrying photographic reproductions of native bush scenery marked the initiation of a national campaign for the preservation of New Zealand's forests both native and exotic, from destruction by fire.

The campaign is the co-operative effort of various Government Departments, including Internal Affairs, Forestry, Lands and Survey, Public Works, and Native Affairs. Particulars of some phases of the publicity to be given were gained by inquiries made in departmental circles today, but it is understood that the general policy to be followed will be the subject of a Ministerial statement in a few days.

With the object of drawing the attention of the public to the seriousness of fire danger throughout New Zealand, Government Departments have been asked to use the stickers during December on all official correspondence. The principal object of the campaign is to secure the active co-operation of the public in preventing outbreaks of fire.

The stickers, which have been prepared by the State Forest Service, consist of a series of 18 photographs depicting typical scenes of the various classes of New Zealand bush, forest fires in progress, and fire-devastated areas showing the complete destruction brought about by an outbreak. Appropriate captions are printed under each picture. A selection is as follows:—

"This magnificent kauri forest can be destroyed by fire. Protect it for every reason in your power."
"Protect your forests from the fire fiend."
"Mountain forest and stream—Fire will ruin both."
"A planted exotic forest needs your protection from fire."
"Please be careful with fire."
"Fire is the enemy of the forest."
"Please don't be responsible for a fire."

A number of large-size notices carrying warnings against the fire danger and appeals to the public for help have been prepared for erection at camping grounds, on Crown Lands, on roadsides, in forest reserves, and elsewhere throughout the country. Five separate notices are being reproduced in quantity, bearing the following words which have also been translated into Maori:—

It is understood that similar campaigns will take place annually from now on.

MUSIC EXAMINATIONS
ASSOCIATED BOARD PASSES

The Associated Board of the Royal Schools of Music, London, held written examinations at all centres throughout New Zealand on November 2. The papers have been marked by Mr. Ernest Bullock, Mus. Doc., F.R.C.O., A.R.C.O., the visiting examiner, and the Wellington results are as follows:—

HARMONY EXAMINATIONS.

Grade 5—Pass: O'Halloran, Carol Dorothy M. (St. Mary's Convent). Grade 4—Pass with honours: Ambrose, Kathleen M. (The Convent, Lower Hutt); Hightown, Agnes M. (Miss S. Mackay); Hurley, Lenna S. (Miss E. O. Bourke). Pass: Jenkins, Valerie E. (Brother Holmes); Brown, Ann M.; Ralph, Alice M. (Sacred Heart); Kershaw, Mary M.; Cullen, M. (St. Mary's); Lintott, E. Grade 3—Pass: Bush, Phyllis; Harper, Joyce; Jones, Margaret; Maxwell, Ida. Grade 2—Pass: Cooper, Ellen; Davidson, Margaret; Holden, Lorna; Smith, Janet; Walker, Doris. Grade 1—Pass: Adams, Pamela; Brown, Iris; Fraser, Joan; Hall, Betty; Young, Mavis.

AT THE HOTELS

Messrs. C. A. Pinkerton (U.S.A.), L. W. Frude, H. Brown (Dunedin), Harry Robb (Edinburgh), R. Hobbs, W. S. McLean, W. R. Anderson (Auckland), W. S. Trotter (Hamilton), S. F. Sammons (Toronto), and C. H. Wyngard (New Plymouth) are guests at the Hotel St. George.

Messrs. R. Mortimer, H. Mortimer, Jun. (Sydney), G. Caley, D. Caley (Masterton), G. Humphries (Wanganui), C. H. Rogers (Wanganui), Maurice Jones and J. Russell (Christchurch) are staying at the Midland Hotel.

Messrs. L. J. Thompson (Masterton), H. L. McGaffin (Palmerston North), R. Wells (Chatham Islands), and J. Paton (Waipukurau) are at the Royal Oak Hotel.

Messrs. B. H. Gray (Palmerston North), E. Alcorn (Christchurch), C. Paul (Wanganui), B. A. Meek (Auckland), A. Brown (Nelson), A. W. Hawk (Marton), Geo. Oxley (Pahiatua) are guests at the Grand Hotel.

Mr. T. C. Brash, president of the New Zealand Fruitgrowers' Federation, arrived from Auckland today by the Limited express.

Professor J. Rutherford, professor of history at Auckland University College, arrived today by the Limited express.

One second offender for drunkenness was convicted and fined 10s, in default 48 hours' imprisonment, by Mr. J. L. Cashman, J.P., in the Mount Cook Police Court today.

Ramsey Wilson, Ltd., auctioneers, will sell superior furniture, brassware, pianos, etc., at their auction rooms, 16 Manners Street, at 1.30 p.m. tomorrow.
